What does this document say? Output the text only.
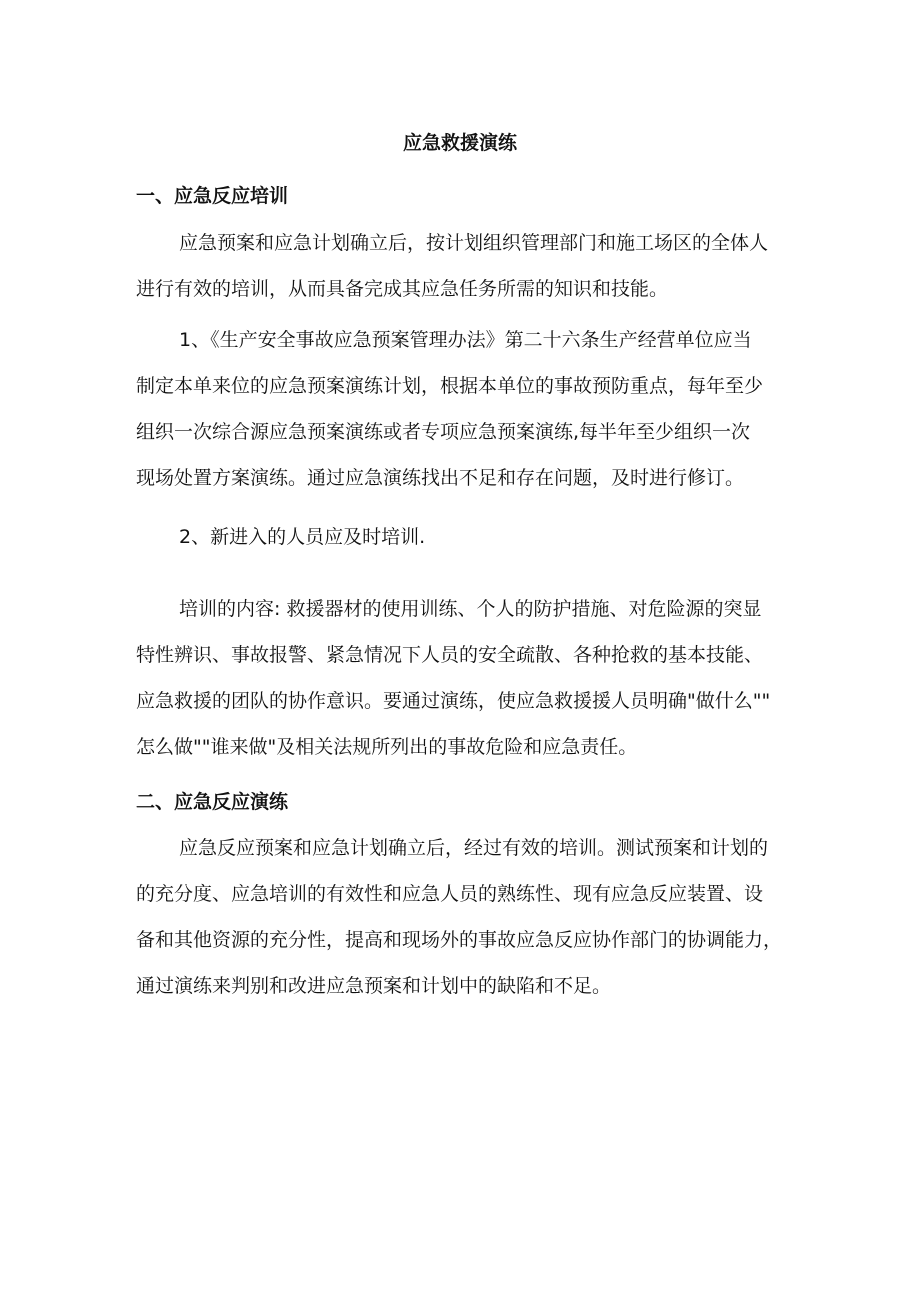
应急救援演练
一、应急反应培训

应急预案和应急计划确立后，按计划组织管理部门和施工场区的全体人
进行有效的培训，从而具备完成其应急任务所需的知识和技能。

1、《生产安全事故应急预案管理办法》第二十六条生产经营单位应当
制定本单来位的应急预案演练计划，根据本单位的事故预防重点，每年至少
组织一次综合源应急预案演练或者专项应急预案演练,每半年至少组织一次
现场处置方案演练。通过应急演练找出不足和存在问题，及时进行修订。

2、新进入的人员应及时培训.

培训的内容: 救援器材的使用训练、个人的防护措施、对危险源的突显
特性辨识、事故报警、紧急情况下人员的安全疏散、各种抢救的基本技能、
应急救援的团队的协作意识。要通过演练，使应急救援援人员明确"做什么""
怎么做""谁来做"及相关法规所列出的事故危险和应急责任。

二、应急反应演练

应急反应预案和应急计划确立后，经过有效的培训。测试预案和计划的
的充分度、应急培训的有效性和应急人员的熟练性、现有应急反应装置、设
备和其他资源的充分性，提高和现场外的事故应急反应协作部门的协调能力，
通过演练来判别和改进应急预案和计划中的缺陷和不足。
